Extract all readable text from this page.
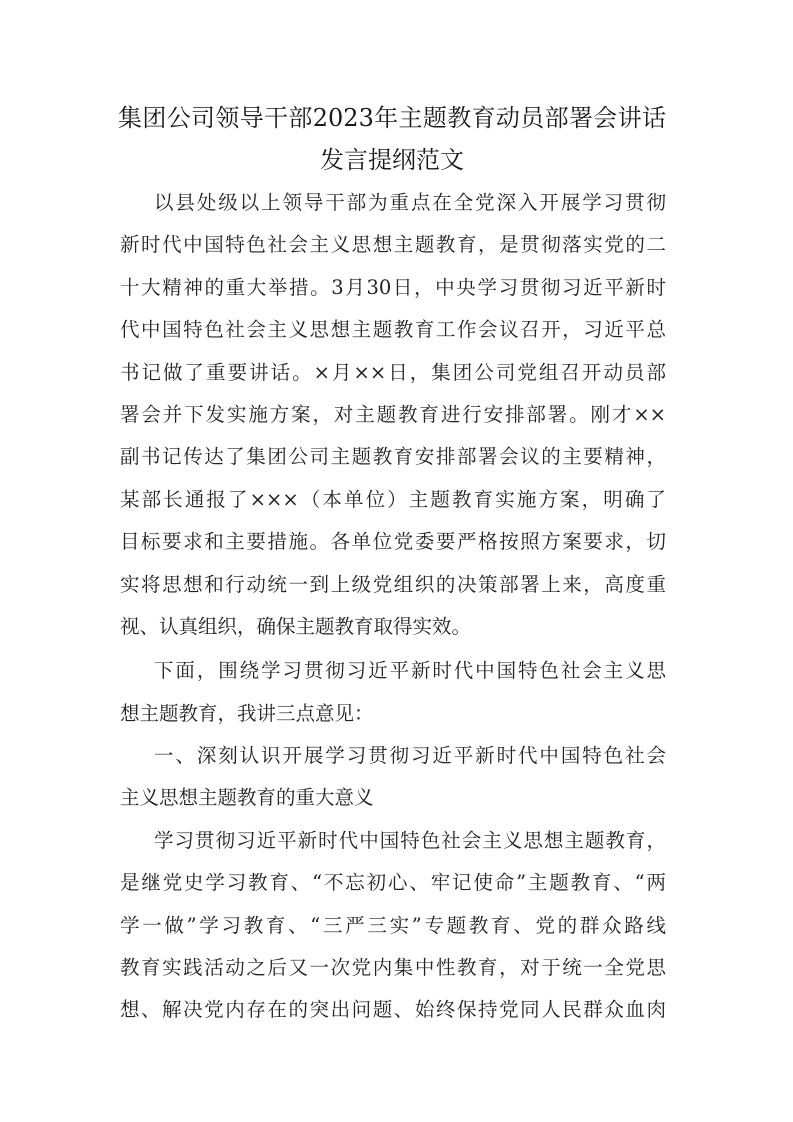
集团公司领导干部2023年主题教育动员部署会讲话
发言提纲范文
以县处级以上领导干部为重点在全党深入开展学习贯彻
新时代中国特色社会主义思想主题教育，是贯彻落实党的二
十大精神的重大举措。3月30日，中央学习贯彻习近平新时
代中国特色社会主义思想主题教育工作会议召开，习近平总
书记做了重要讲话。×月××日，集团公司党组召开动员部
署会并下发实施方案，对主题教育进行安排部署。刚才××
副书记传达了集团公司主题教育安排部署会议的主要精神，
某部长通报了×××（本单位）主题教育实施方案，明确了
目标要求和主要措施。各单位党委要严格按照方案要求，切
实将思想和行动统一到上级党组织的决策部署上来，高度重
视、认真组织，确保主题教育取得实效。
下面，围绕学习贯彻习近平新时代中国特色社会主义思
想主题教育，我讲三点意见：
一、深刻认识开展学习贯彻习近平新时代中国特色社会
主义思想主题教育的重大意义
学习贯彻习近平新时代中国特色社会主义思想主题教育，
是继党史学习教育、“不忘初心、牢记使命”主题教育、“两
学一做”学习教育、“三严三实”专题教育、党的群众路线
教育实践活动之后又一次党内集中性教育，对于统一全党思
想、解决党内存在的突出问题、始终保持党同人民群众血肉
